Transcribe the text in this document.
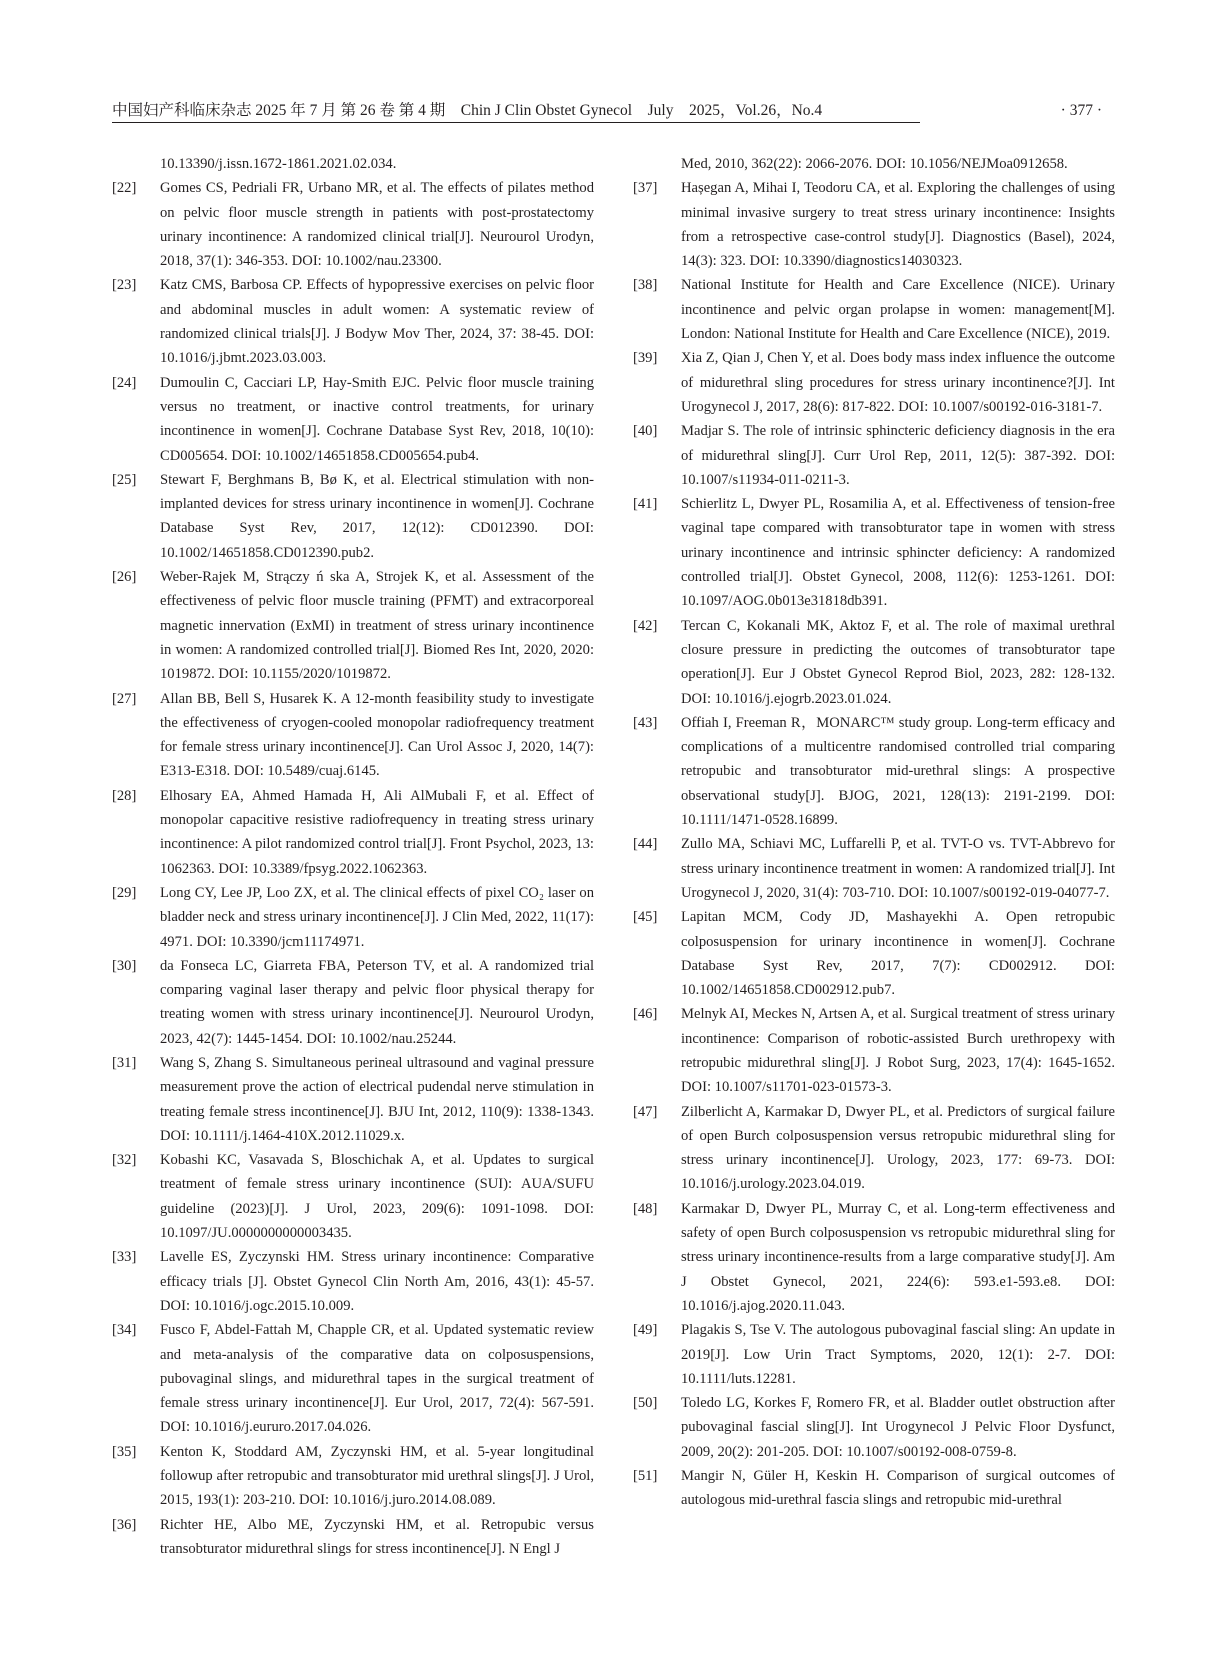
中国妇产科临床杂志 2025 年 7 月 第 26 卷 第 4 期　Chin J Clin Obstet Gynecol　July　2025，Vol.26，No.4	· 377 ·
10.13390/j.issn.1672-1861.2021.02.034.
[22] Gomes CS, Pedriali FR, Urbano MR, et al. The effects of pilates method on pelvic floor muscle strength in patients with post-prostatectomy urinary incontinence: A randomized clinical trial[J]. Neurourol Urodyn, 2018, 37(1): 346-353. DOI: 10.1002/nau.23300.
[23] Katz CMS, Barbosa CP. Effects of hypopressive exercises on pelvic floor and abdominal muscles in adult women: A systematic review of randomized clinical trials[J]. J Bodyw Mov Ther, 2024, 37: 38-45. DOI: 10.1016/j.jbmt.2023.03.003.
[24] Dumoulin C, Cacciari LP, Hay-Smith EJC. Pelvic floor muscle training versus no treatment, or inactive control treatments, for urinary incontinence in women[J]. Cochrane Database Syst Rev, 2018, 10(10): CD005654. DOI: 10.1002/14651858.CD005654.pub4.
[25] Stewart F, Berghmans B, Bø K, et al. Electrical stimulation with non-implanted devices for stress urinary incontinence in women[J]. Cochrane Database Syst Rev, 2017, 12(12): CD012390. DOI: 10.1002/14651858.CD012390.pub2.
[26] Weber-Rajek M, Strączy ń ska A, Strojek K, et al. Assessment of the effectiveness of pelvic floor muscle training (PFMT) and extracorporeal magnetic innervation (ExMI) in treatment of stress urinary incontinence in women: A randomized controlled trial[J]. Biomed Res Int, 2020, 2020: 1019872. DOI: 10.1155/2020/1019872.
[27] Allan BB, Bell S, Husarek K. A 12-month feasibility study to investigate the effectiveness of cryogen-cooled monopolar radiofrequency treatment for female stress urinary incontinence[J]. Can Urol Assoc J, 2020, 14(7): E313-E318. DOI: 10.5489/cuaj.6145.
[28] Elhosary EA, Ahmed Hamada H, Ali AlMubali F, et al. Effect of monopolar capacitive resistive radiofrequency in treating stress urinary incontinence: A pilot randomized control trial[J]. Front Psychol, 2023, 13: 1062363. DOI: 10.3389/fpsyg.2022.1062363.
[29] Long CY, Lee JP, Loo ZX, et al. The clinical effects of pixel CO₂ laser on bladder neck and stress urinary incontinence[J]. J Clin Med, 2022, 11(17): 4971. DOI: 10.3390/jcm11174971.
[30] da Fonseca LC, Giarreta FBA, Peterson TV, et al. A randomized trial comparing vaginal laser therapy and pelvic floor physical therapy for treating women with stress urinary incontinence[J]. Neurourol Urodyn, 2023, 42(7): 1445-1454. DOI: 10.1002/nau.25244.
[31] Wang S, Zhang S. Simultaneous perineal ultrasound and vaginal pressure measurement prove the action of electrical pudendal nerve stimulation in treating female stress incontinence[J]. BJU Int, 2012, 110(9): 1338-1343. DOI: 10.1111/j.1464-410X.2012.11029.x.
[32] Kobashi KC, Vasavada S, Bloschichak A, et al. Updates to surgical treatment of female stress urinary incontinence (SUI): AUA/SUFU guideline (2023)[J]. J Urol, 2023, 209(6): 1091-1098. DOI: 10.1097/JU.0000000000003435.
[33] Lavelle ES, Zyczynski HM. Stress urinary incontinence: Comparative efficacy trials [J]. Obstet Gynecol Clin North Am, 2016, 43(1): 45-57. DOI: 10.1016/j.ogc.2015.10.009.
[34] Fusco F, Abdel-Fattah M, Chapple CR, et al. Updated systematic review and meta-analysis of the comparative data on colposuspensions, pubovaginal slings, and midurethral tapes in the surgical treatment of female stress urinary incontinence[J]. Eur Urol, 2017, 72(4): 567-591. DOI: 10.1016/j.eururo.2017.04.026.
[35] Kenton K, Stoddard AM, Zyczynski HM, et al. 5-year longitudinal followup after retropubic and transobturator mid urethral slings[J]. J Urol, 2015, 193(1): 203-210. DOI: 10.1016/j.juro.2014.08.089.
[36] Richter HE, Albo ME, Zyczynski HM, et al. Retropubic versus transobturator midurethral slings for stress incontinence[J]. N Engl J
Med, 2010, 362(22): 2066-2076. DOI: 10.1056/NEJMoa0912658.
[37] Hașegan A, Mihai I, Teodoru CA, et al. Exploring the challenges of using minimal invasive surgery to treat stress urinary incontinence: Insights from a retrospective case-control study[J]. Diagnostics (Basel), 2024, 14(3): 323. DOI: 10.3390/diagnostics14030323.
[38] National Institute for Health and Care Excellence (NICE). Urinary incontinence and pelvic organ prolapse in women: management[M]. London: National Institute for Health and Care Excellence (NICE), 2019.
[39] Xia Z, Qian J, Chen Y, et al. Does body mass index influence the outcome of midurethral sling procedures for stress urinary incontinence?[J]. Int Urogynecol J, 2017, 28(6): 817-822. DOI: 10.1007/s00192-016-3181-7.
[40] Madjar S. The role of intrinsic sphincteric deficiency diagnosis in the era of midurethral sling[J]. Curr Urol Rep, 2011, 12(5): 387-392. DOI: 10.1007/s11934-011-0211-3.
[41] Schierlitz L, Dwyer PL, Rosamilia A, et al. Effectiveness of tension-free vaginal tape compared with transobturator tape in women with stress urinary incontinence and intrinsic sphincter deficiency: A randomized controlled trial[J]. Obstet Gynecol, 2008, 112(6): 1253-1261. DOI: 10.1097/AOG.0b013e31818db391.
[42] Tercan C, Kokanali MK, Aktoz F, et al. The role of maximal urethral closure pressure in predicting the outcomes of transobturator tape operation[J]. Eur J Obstet Gynecol Reprod Biol, 2023, 282: 128-132. DOI: 10.1016/j.ejogrb.2023.01.024.
[43] Offiah I, Freeman R，MONARC™ study group. Long-term efficacy and complications of a multicentre randomised controlled trial comparing retropubic and transobturator mid-urethral slings: A prospective observational study[J]. BJOG, 2021, 128(13): 2191-2199. DOI: 10.1111/1471-0528.16899.
[44] Zullo MA, Schiavi MC, Luffarelli P, et al. TVT-O vs. TVT-Abbrevo for stress urinary incontinence treatment in women: A randomized trial[J]. Int Urogynecol J, 2020, 31(4): 703-710. DOI: 10.1007/s00192-019-04077-7.
[45] Lapitan MCM, Cody JD, Mashayekhi A. Open retropubic colposuspension for urinary incontinence in women[J]. Cochrane Database Syst Rev, 2017, 7(7): CD002912. DOI: 10.1002/14651858.CD002912.pub7.
[46] Melnyk AI, Meckes N, Artsen A, et al. Surgical treatment of stress urinary incontinence: Comparison of robotic-assisted Burch urethropexy with retropubic midurethral sling[J]. J Robot Surg, 2023, 17(4): 1645-1652. DOI: 10.1007/s11701-023-01573-3.
[47] Zilberlicht A, Karmakar D, Dwyer PL, et al. Predictors of surgical failure of open Burch colposuspension versus retropubic midurethral sling for stress urinary incontinence[J]. Urology, 2023, 177: 69-73. DOI: 10.1016/j.urology.2023.04.019.
[48] Karmakar D, Dwyer PL, Murray C, et al. Long-term effectiveness and safety of open Burch colposuspension vs retropubic midurethral sling for stress urinary incontinence-results from a large comparative study[J]. Am J Obstet Gynecol, 2021, 224(6): 593.e1-593.e8. DOI: 10.1016/j.ajog.2020.11.043.
[49] Plagakis S, Tse V. The autologous pubovaginal fascial sling: An update in 2019[J]. Low Urin Tract Symptoms, 2020, 12(1): 2-7. DOI: 10.1111/luts.12281.
[50] Toledo LG, Korkes F, Romero FR, et al. Bladder outlet obstruction after pubovaginal fascial sling[J]. Int Urogynecol J Pelvic Floor Dysfunct, 2009, 20(2): 201-205. DOI: 10.1007/s00192-008-0759-8.
[51] Mangir N, Güler H, Keskin H. Comparison of surgical outcomes of autologous mid-urethral fascia slings and retropubic mid-urethral
